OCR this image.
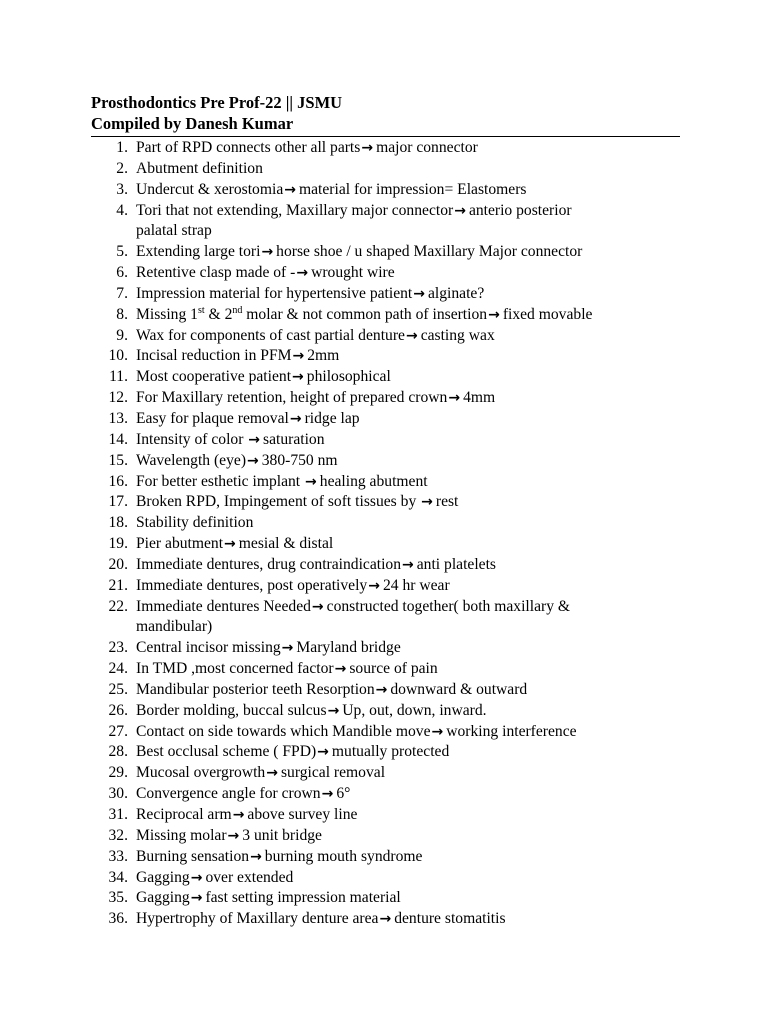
Prosthodontics Pre Prof-22 || JSMU
Compiled by Danesh Kumar
1. Part of RPD connects other all parts→ major connector
2. Abutment definition
3. Undercut & xerostomia→ material for impression= Elastomers
4. Tori that not extending, Maxillary major connector→ anterio posterior
palatal strap
5. Extending large tori→ horse shoe / u shaped Maxillary Major connector
6. Retentive clasp made of -→ wrought wire
7. Impression material for hypertensive patient→ alginate?
8. Missing 1st & 2nd molar & not common path of insertion→ fixed movable
9. Wax for components of cast partial denture→ casting wax
10. Incisal reduction in PFM→ 2mm
11. Most cooperative patient→ philosophical
12. For Maxillary retention, height of prepared crown→ 4mm
13. Easy for plaque removal→ ridge lap
14. Intensity of color → saturation
15. Wavelength (eye)→ 380-750 nm
16. For better esthetic implant → healing abutment
17. Broken RPD, Impingement of soft tissues by → rest
18. Stability definition
19. Pier abutment→ mesial & distal
20. Immediate dentures, drug contraindication→ anti platelets
21. Immediate dentures, post operatively→ 24 hr wear
22. Immediate dentures Needed→ constructed together( both maxillary &
mandibular)
23. Central incisor missing→ Maryland bridge
24. In TMD ,most concerned factor→ source of pain
25. Mandibular posterior teeth Resorption→ downward & outward
26. Border molding, buccal sulcus→ Up, out, down, inward.
27. Contact on side towards which Mandible move→ working interference
28. Best occlusal scheme ( FPD)→ mutually protected
29. Mucosal overgrowth→ surgical removal
30. Convergence angle for crown→ 6°
31. Reciprocal arm→ above survey line
32. Missing molar→ 3 unit bridge
33. Burning sensation→ burning mouth syndrome
34. Gagging→ over extended
35. Gagging→ fast setting impression material
36. Hypertrophy of Maxillary denture area→ denture stomatitis
